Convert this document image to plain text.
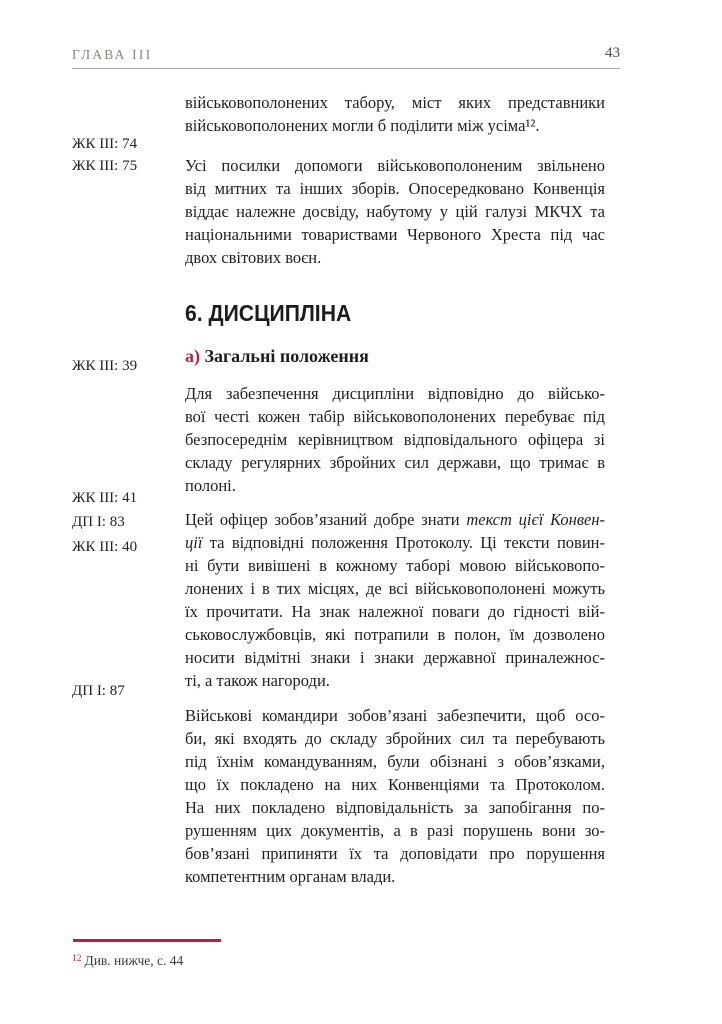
ГЛАВА III	43
ЖК III: 74
ЖК III: 75
ЖК III: 39
ЖК III: 41
ДП I: 83
ЖК III: 40
ДП I: 87

військовополонених табору, міст яких представники
військовополонених могли б поділити між усіма¹².

Усі посилки допомоги військовополоненим звільнено
від митних та інших зборів. Опосередковано Конвенція
віддає належне досвіду, набутому у цій галузі МКЧХ та
національними товариствами Червоного Хреста під час
двох світових воєн.

6. ДИСЦИПЛІНА
а) Загальні положення

Для забезпечення дисципліни відповідно до військо-
вої честі кожен табір військовополонених перебуває під
безпосереднім керівництвом відповідального офіцера зі
складу регулярних збройних сил держави, що тримає в
полоні.

Цей офіцер зобов’язаний добре знати текст цієї Конвен-
ції та відповідні положення Протоколу. Ці тексти повин-
ні бути вивішені в кожному таборі мовою військовопо-
лонених і в тих місцях, де всі військовополонені можуть
їх прочитати. На знак належної поваги до гідності вій-
ськовослужбовців, які потрапили в полон, їм дозволено
носити відмітні знаки і знаки державної приналежнос-
ті, а також нагороди.

Військові командири зобов’язані забезпечити, щоб осо-
би, які входять до складу збройних сил та перебувають
під їхнім командуванням, були обізнані з обов’язками,
що їх покладено на них Конвенціями та Протоколом.
На них покладено відповідальність за запобігання по-
рушенням цих документів, а в разі порушень вони зо-
бов’язані припиняти їх та доповідати про порушення
компетентним органам влади.

$^{12}$ Див. нижче, с. 44
